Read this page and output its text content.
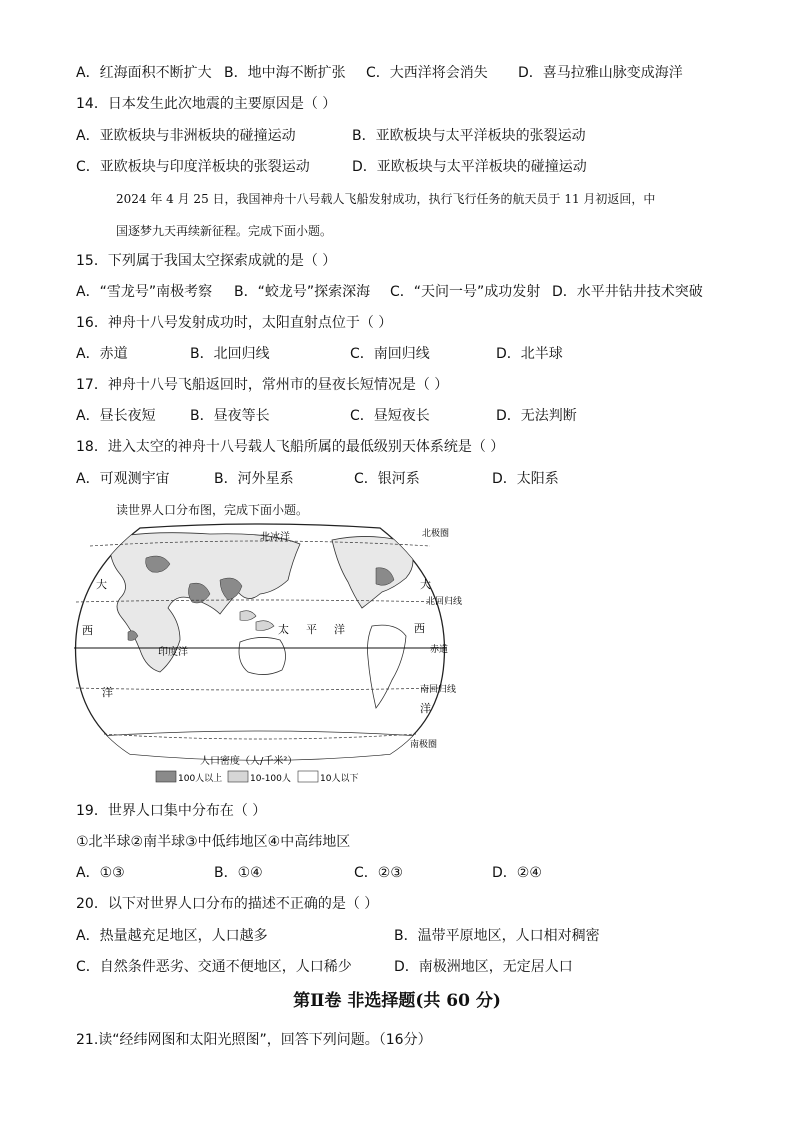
A．红海面积不断扩大 B．地中海不断扩张 C．大西洋将会消失 D．喜马拉雅山脉变成海洋
14．日本发生此次地震的主要原因是（ ）
A．亚欧板块与非洲板块的碰撞运动	B．亚欧板块与太平洋板块的张裂运动
C．亚欧板块与印度洋板块的张裂运动	D．亚欧板块与太平洋板块的碰撞运动
2024 年 4 月 25 日，我国神舟十八号载人飞船发射成功，执行飞行任务的航天员于 11 月初返回，中
国逐梦九天再续新征程。完成下面小题。
15．下列属于我国太空探索成就的是（ ）
A．“雪龙号”南极考察 B．“蛟龙号”探索深海 C．“天问一号”成功发射 D．水平井钻井技术突破
16．神舟十八号发射成功时，太阳直射点位于（ ）
A．赤道	B．北回归线	C．南回归线	D．北半球
17．神舟十八号飞船返回时，常州市的昼夜长短情况是（ ）
A．昼长夜短 B．昼夜等长	C．昼短夜长	D．无法判断
18．进入太空的神舟十八号载人飞船所属的最低级别天体系统是（ ）
A．可观测宇宙	B．河外星系	C．银河系	D．太阳系
读世界人口分布图，完成下面小题。
北冰洋	北极圈
北回归线
赤道
南回归线
南极圈
太 平 洋
印度洋
大
西
洋
大
西
洋
人口密度（人/千米²）
100人以上	10-100人	10人以下
19．世界人口集中分布在（ ）
①北半球②南半球③中低纬地区④中高纬地区
A．①③	B．①④	C．②③	D．②④
20．以下对世界人口分布的描述不正确的是（ ）
A．热量越充足地区，人口越多	B．温带平原地区，人口相对稠密
C．自然条件恶劣、交通不便地区，人口稀少	D．南极洲地区，无定居人口
第Ⅱ卷 非选择题(共 60 分)
21.读“经纬网图和太阳光照图”，回答下列问题。（16分）
